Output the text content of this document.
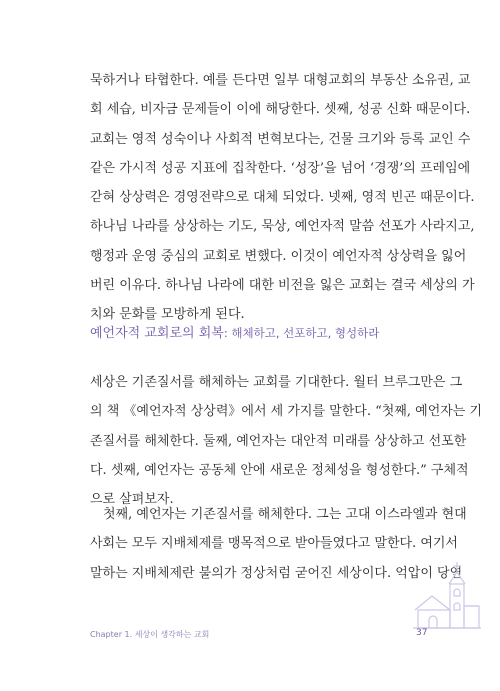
묵하거나 타협한다. 예를 든다면 일부 대형교회의 부동산 소유권, 교
회 세습, 비자금 문제들이 이에 해당한다. 셋째, 성공 신화 때문이다.
교회는 영적 성숙이나 사회적 변혁보다는, 건물 크기와 등록 교인 수
같은 가시적 성공 지표에 집착한다. ‘성장’을 넘어 ‘경쟁’의 프레임에
갇혀 상상력은 경영전략으로 대체 되었다. 넷째, 영적 빈곤 때문이다.
하나님 나라를 상상하는 기도, 묵상, 예언자적 말씀 선포가 사라지고,
행정과 운영 중심의 교회로 변했다. 이것이 예언자적 상상력을 잃어
버린 이유다. 하나님 나라에 대한 비전을 잃은 교회는 결국 세상의 가
치와 문화를 모방하게 된다.
예언자적 교회로의 회복: 해체하고, 선포하고, 형성하라
세상은 기존질서를 해체하는 교회를 기대한다. 월터 브루그만은 그
의 책 《예언자적 상상력》에서 세 가지를 말한다. “첫째, 예언자는 기
존질서를 해체한다. 둘째, 예언자는 대안적 미래를 상상하고 선포한
다. 셋째, 예언자는 공동체 안에 새로운 정체성을 형성한다.” 구체적
으로 살펴보자.
첫째, 예언자는 기존질서를 해체한다. 그는 고대 이스라엘과 현대
사회는 모두 지배체제를 맹목적으로 받아들였다고 말한다. 여기서
말하는 지배체제란 불의가 정상처럼 굳어진 세상이다. 억압이 당연
Chapter 1. 세상이 생각하는 교회	37
